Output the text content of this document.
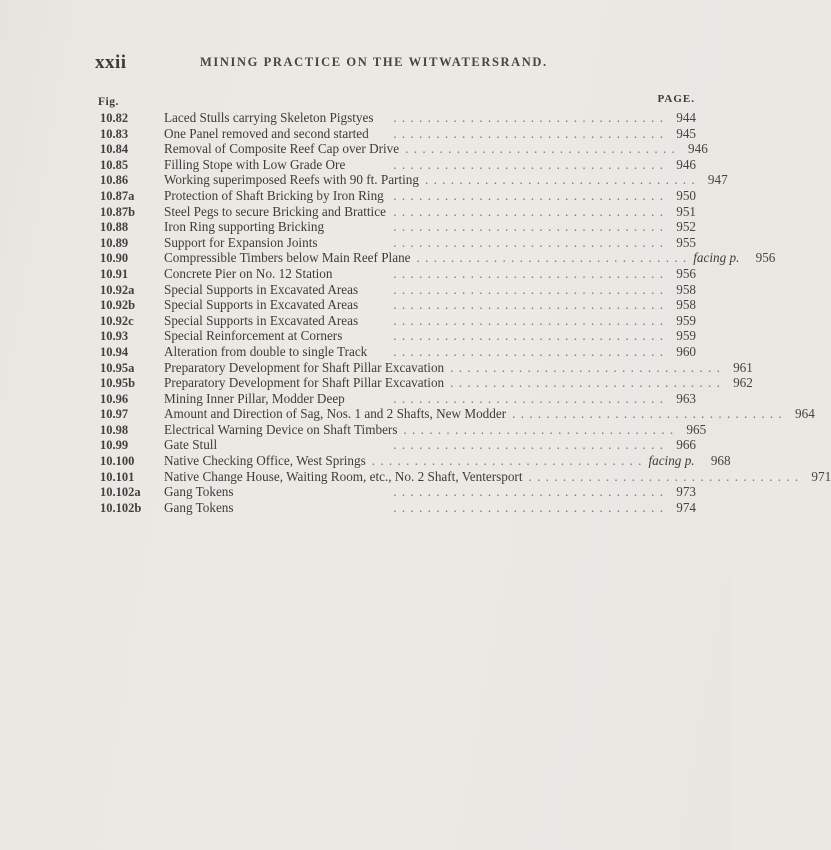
xxii	MINING PRACTICE ON THE WITWATERSRAND.
Fig.	PAGE.
10.82	Laced Stulls carrying Skeleton Pigstyes	. . . . . . . . . . . . . . . . . . . . . . . . . . . . . . . . 944
10.83	One Panel removed and second started	. . . . . . . . . . . . . . . . . . . . . . . . . . . . . . . . 945
10.84	Removal of Composite Reef Cap over Drive . . . . . . . . . . . . . . . . . . . . . . . . . . . . . . . . 946
10.85	Filling Stope with Low Grade Ore	. . . . . . . . . . . . . . . . . . . . . . . . . . . . . . . . 946
10.86	Working superimposed Reefs with 90 ft. Parting . . . . . . . . . . . . . . . . . . . . . . . . . . . . . . . . 947
10.87a	Protection of Shaft Bricking by Iron Ring . . . . . . . . . . . . . . . . . . . . . . . . . . . . . . . . 950
10.87b	Steel Pegs to secure Bricking and Brattice . . . . . . . . . . . . . . . . . . . . . . . . . . . . . . . . 951
10.88	Iron Ring supporting Bricking	. . . . . . . . . . . . . . . . . . . . . . . . . . . . . . . . 952
10.89	Support for Expansion Joints	. . . . . . . . . . . . . . . . . . . . . . . . . . . . . . . . 955
10.90	Compressible Timbers below Main Reef Plane . . . . . . . . . . . . . . . . . . . . . . . . . . . . . . . . facing p.	956
10.91	Concrete Pier on No. 12 Station	. . . . . . . . . . . . . . . . . . . . . . . . . . . . . . . . 956
10.92a	Special Supports in Excavated Areas	. . . . . . . . . . . . . . . . . . . . . . . . . . . . . . . . 958
10.92b	Special Supports in Excavated Areas	. . . . . . . . . . . . . . . . . . . . . . . . . . . . . . . . 958
10.92c	Special Supports in Excavated Areas	. . . . . . . . . . . . . . . . . . . . . . . . . . . . . . . . 959
10.93	Special Reinforcement at Corners	. . . . . . . . . . . . . . . . . . . . . . . . . . . . . . . . 959
10.94	Alteration from double to single Track	. . . . . . . . . . . . . . . . . . . . . . . . . . . . . . . . 960
10.95a	Preparatory Development for Shaft Pillar Excavation . . . . . . . . . . . . . . . . . . . . . . . . . . . . . . . . 961
10.95b	Preparatory Development for Shaft Pillar Excavation . . . . . . . . . . . . . . . . . . . . . . . . . . . . . . . . 962
10.96	Mining Inner Pillar, Modder Deep	. . . . . . . . . . . . . . . . . . . . . . . . . . . . . . . . 963
10.97	Amount and Direction of Sag, Nos. 1 and 2 Shafts, New Modder . . . . . . . . . . . . . . . . . . . . . . . . . . . . . . . . 964
10.98	Electrical Warning Device on Shaft Timbers . . . . . . . . . . . . . . . . . . . . . . . . . . . . . . . . 965
10.99	Gate Stull	. . . . . . . . . . . . . . . . . . . . . . . . . . . . . . . . 966
10.100	Native Checking Office, West Springs . . . . . . . . . . . . . . . . . . . . . . . . . . . . . . . . facing p.	968
10.101	Native Change House, Waiting Room, etc., No. 2 Shaft, Ventersport . . . . . . . . . . . . . . . . . . . . . . . . . . . . . . . . 971
10.102a	Gang Tokens	. . . . . . . . . . . . . . . . . . . . . . . . . . . . . . . . 973
10.102b	Gang Tokens	. . . . . . . . . . . . . . . . . . . . . . . . . . . . . . . . 974
